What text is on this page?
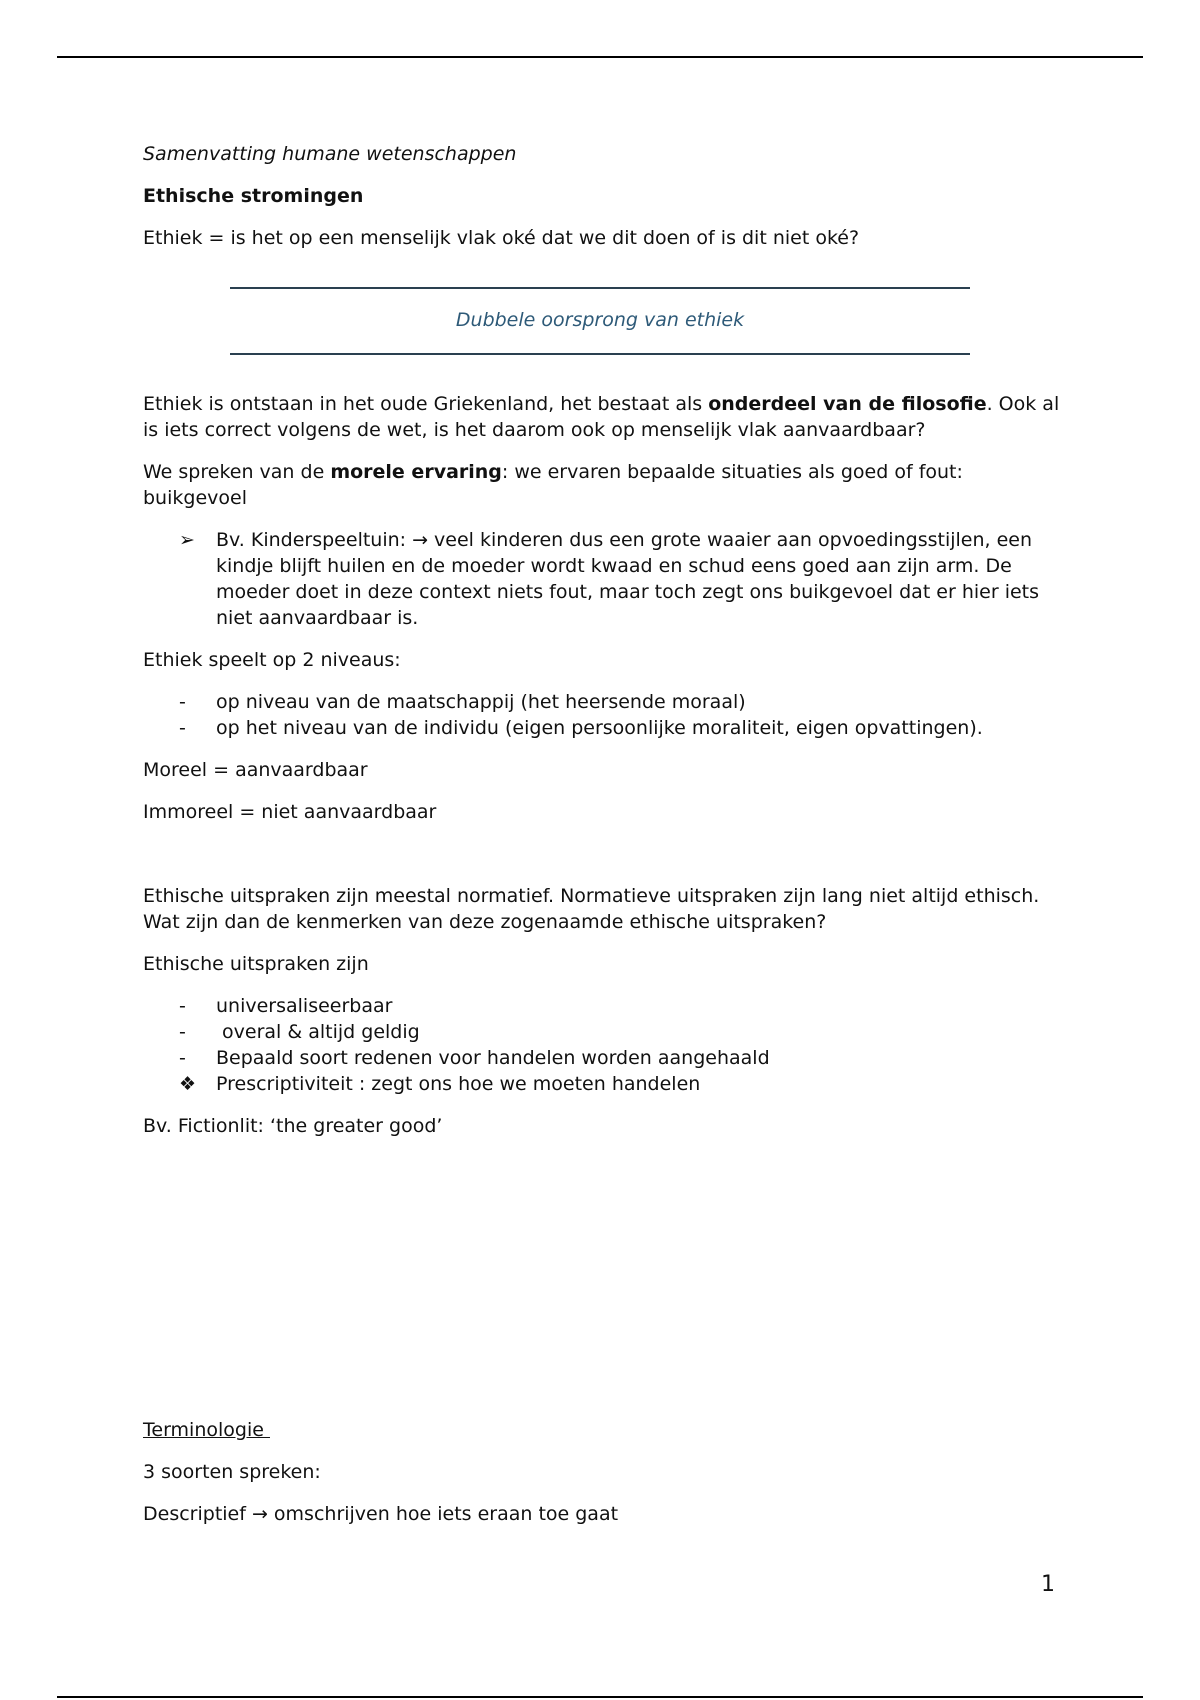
Samenvatting humane wetenschappen

Ethische stromingen

Ethiek = is het op een menselijk vlak oké dat we dit doen of is dit niet oké?

Dubbele oorsprong van ethiek

Ethiek is ontstaan in het oude Griekenland, het bestaat als onderdeel van de filosofie. Ook al is iets correct volgens de wet, is het daarom ook op menselijk vlak aanvaardbaar?

We spreken van de morele ervaring: we ervaren bepaalde situaties als goed of fout: buikgevoel

➢ Bv. Kinderspeeltuin: → veel kinderen dus een grote waaier aan opvoedingsstijlen, een kindje blijft huilen en de moeder wordt kwaad en schud eens goed aan zijn arm. De moeder doet in deze context niets fout, maar toch zegt ons buikgevoel dat er hier iets niet aanvaardbaar is.

Ethiek speelt op 2 niveaus:

- op niveau van de maatschappij (het heersende moraal)
- op het niveau van de individu (eigen persoonlijke moraliteit, eigen opvattingen).

Moreel = aanvaardbaar

Immoreel = niet aanvaardbaar

Ethische uitspraken zijn meestal normatief. Normatieve uitspraken zijn lang niet altijd ethisch. Wat zijn dan de kenmerken van deze zogenaamde ethische uitspraken?

Ethische uitspraken zijn

- universaliseerbaar
- overal & altijd geldig
- Bepaald soort redenen voor handelen worden aangehaald
❖ Prescriptiviteit : zegt ons hoe we moeten handelen

Bv. Fictionlit: ‘the greater good’

Terminologie

3 soorten spreken:

Descriptief → omschrijven hoe iets eraan toe gaat

1
